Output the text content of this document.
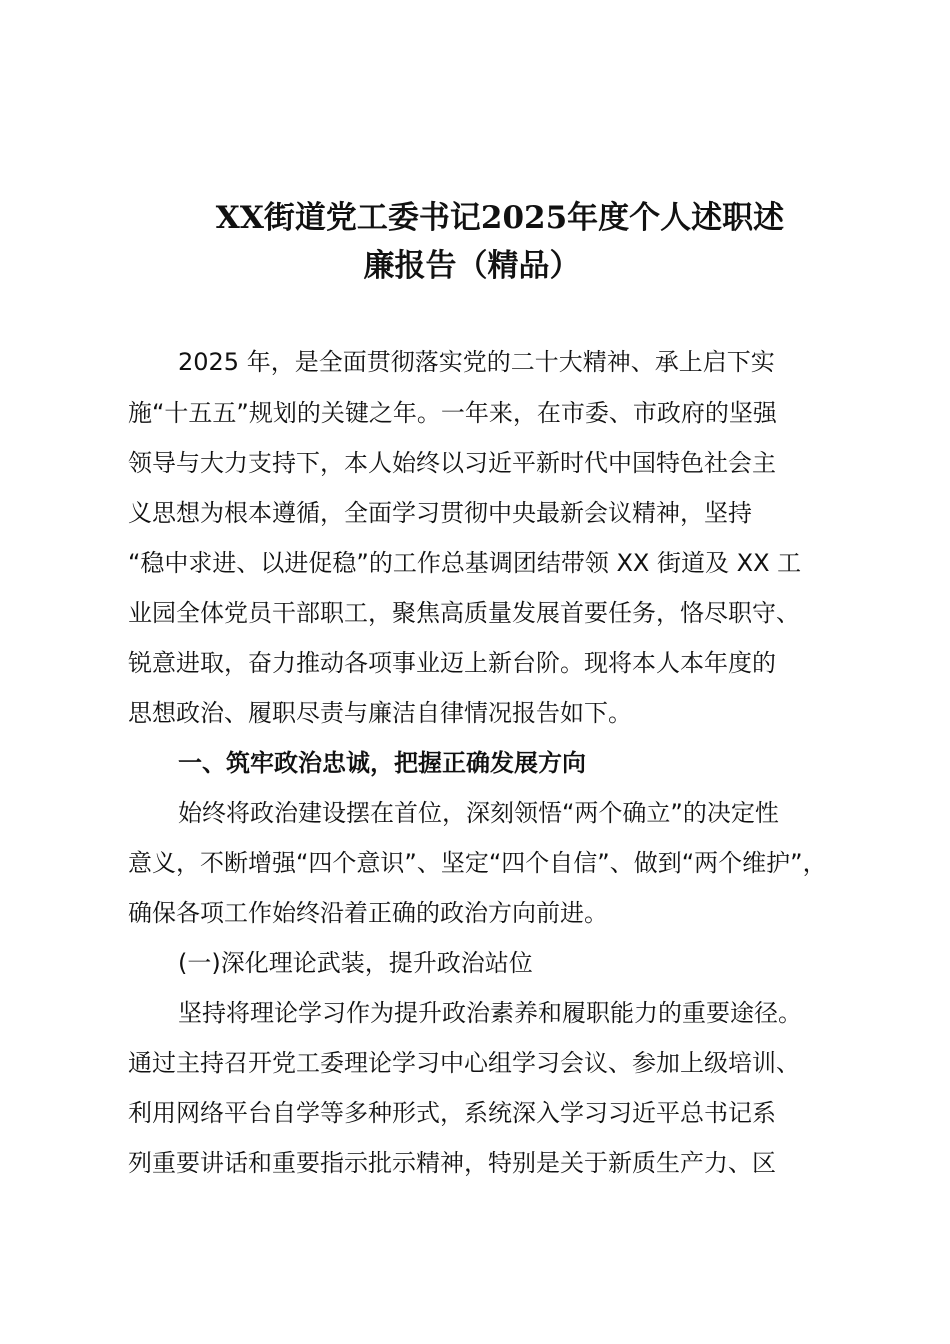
XX街道党工委书记2025年度个人述职述
廉报告（精品）
2025 年，是全面贯彻落实党的二十大精神、承上启下实
施“十五五”规划的关键之年。一年来，在市委、市政府的坚强
领导与大力支持下，本人始终以习近平新时代中国特色社会主
义思想为根本遵循，全面学习贯彻中央最新会议精神，坚持
“稳中求进、以进促稳”的工作总基调团结带领 XX 街道及 XX 工
业园全体党员干部职工，聚焦高质量发展首要任务，恪尽职守、
锐意进取，奋力推动各项事业迈上新台阶。现将本人本年度的
思想政治、履职尽责与廉洁自律情况报告如下。
一、筑牢政治忠诚，把握正确发展方向
始终将政治建设摆在首位，深刻领悟“两个确立”的决定性
意义，不断增强“四个意识”、坚定“四个自信”、做到“两个维护”，
确保各项工作始终沿着正确的政治方向前进。
(一)深化理论武装，提升政治站位
坚持将理论学习作为提升政治素养和履职能力的重要途径。
通过主持召开党工委理论学习中心组学习会议、参加上级培训、
利用网络平台自学等多种形式，系统深入学习习近平总书记系
列重要讲话和重要指示批示精神，特别是关于新质生产力、区
